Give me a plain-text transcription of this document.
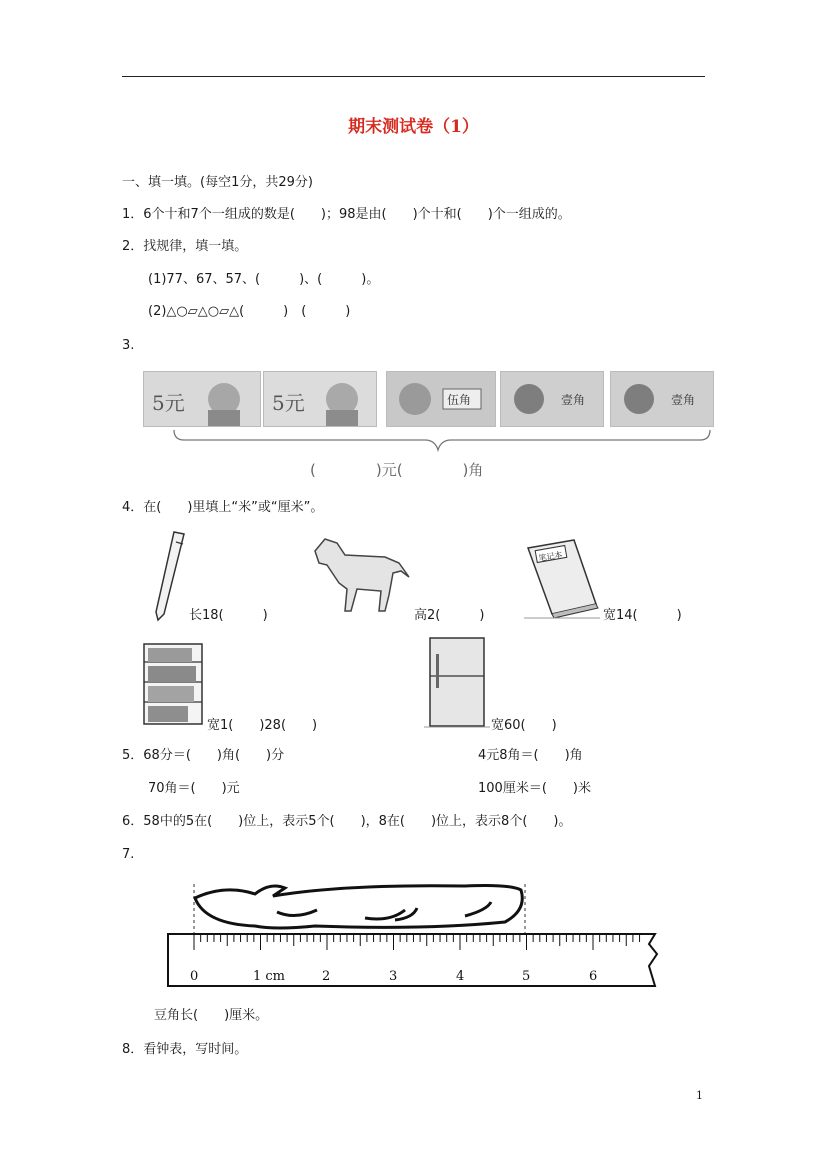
期末测试卷（1）
一、填一填。(每空1分，共29分)
1．6个十和7个一组成的数是(　　)；98是由(　　)个十和(　　)个一组成的。
2．找规律，填一填。
(1)77、67、57、(　　　)、(　　　)。
(2)△○▱△○▱△(　　　)　(　　　)
3.
5元	5元	伍角	壹角	壹角
(　　　　)元(　　　　)角
4．在(　　)里填上“米”或“厘米”。
长18(　　　)	高2(　　　)
笔记本
宽14(　　　)
宽1(　　)28(　　)	宽60(　　)
5．68分＝(　　)角(　　)分	4元8角＝(　　)角
70角＝(　　)元	100厘米＝(　　)米
6．58中的5在(　　)位上，表示5个(　　)，8在(　　)位上，表示8个(　　)。
7.
0	1 cm	2	3	4	5	6
豆角长(　　)厘米。
8．看钟表，写时间。
1
